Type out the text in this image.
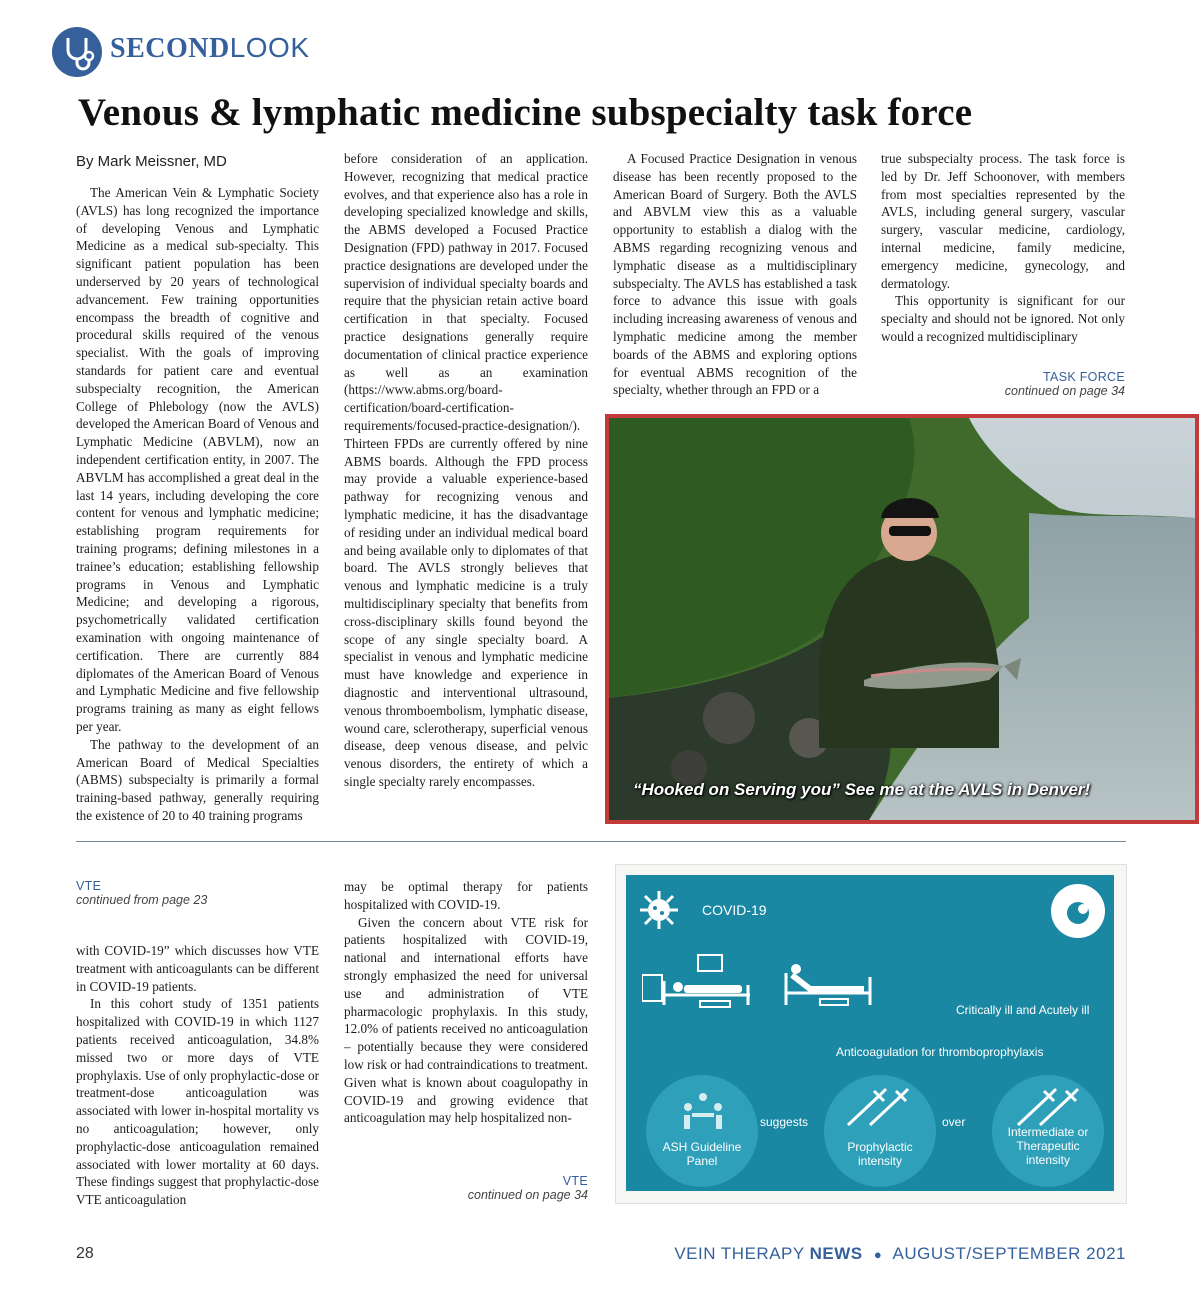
SECONDLOOK
Venous & lymphatic medicine subspecialty task force
By Mark Meissner, MD

The American Vein & Lymphatic Society (AVLS) has long recognized the importance of developing Venous and Lymphatic Medicine as a medical sub-specialty. This significant patient population has been underserved by 20 years of technological advancement. Few training opportunities encompass the breadth of cognitive and procedural skills required of the venous specialist. With the goals of improving standards for patient care and eventual subspecialty recognition, the American College of Phlebology (now the AVLS) developed the American Board of Venous and Lymphatic Medicine (ABVLM), now an independent certification entity, in 2007. The ABVLM has accomplished a great deal in the last 14 years, including developing the core content for venous and lymphatic medicine; establishing program requirements for training programs; defining milestones in a trainee’s education; establishing fellowship programs in Venous and Lymphatic Medicine; and developing a rigorous, psychometrically validated certification examination with ongoing maintenance of certification. There are currently 884 diplomates of the American Board of Venous and Lymphatic Medicine and five fellowship programs training as many as eight fellows per year.

The pathway to the development of an American Board of Medical Specialties (ABMS) subspecialty is primarily a formal training-based pathway, generally requiring the existence of 20 to 40 training programs

before consideration of an application. However, recognizing that medical practice evolves, and that experience also has a role in developing specialized knowledge and skills, the ABMS developed a Focused Practice Designation (FPD) pathway in 2017. Focused practice designations are developed under the supervision of individual specialty boards and require that the physician retain active board certification in that specialty. Focused practice designations generally require documentation of clinical practice experience as well as an examination (https://www.abms.org/board-certification/board-certification-requirements/focused-practice-designation/). Thirteen FPDs are currently offered by nine ABMS boards. Although the FPD process may provide a valuable experience-based pathway for recognizing venous and lymphatic medicine, it has the disadvantage of residing under an individual medical board and being available only to diplomates of that board. The AVLS strongly believes that venous and lymphatic medicine is a truly multidisciplinary specialty that benefits from cross-disciplinary skills found beyond the scope of any single specialty board. A specialist in venous and lymphatic medicine must have knowledge and experience in diagnostic and interventional ultrasound, venous thromboembolism, lymphatic disease, wound care, sclerotherapy, superficial venous disease, deep venous disease, and pelvic venous disorders, the entirety of which a single specialty rarely encompasses.

A Focused Practice Designation in venous disease has been recently proposed to the American Board of Surgery. Both the AVLS and ABVLM view this as a valuable opportunity to establish a dialog with the ABMS regarding recognizing venous and lymphatic disease as a multidisciplinary subspecialty. The AVLS has established a task force to advance this issue with goals including increasing awareness of venous and lymphatic medicine among the member boards of the ABMS and exploring options for eventual ABMS recognition of the specialty, whether through an FPD or a

true subspecialty process. The task force is led by Dr. Jeff Schoonover, with members from most specialties represented by the AVLS, including general surgery, vascular surgery, vascular medicine, cardiology, internal medicine, family medicine, emergency medicine, gynecology, and dermatology.

This opportunity is significant for our specialty and should not be ignored. Not only would a recognized multidisciplinary

TASK FORCE
continued on page 34
“Hooked on Serving you” See me at the AVLS in Denver!
VTE
continued from page 23

with COVID-19” which discusses how VTE treatment with anticoagulants can be different in COVID-19 patients.

In this cohort study of 1351 patients hospitalized with COVID-19 in which 1127 patients received anticoagulation, 34.8% missed two or more days of VTE prophylaxis. Use of only prophylactic-dose or treatment-dose anticoagulation was associated with lower in-hospital mortality vs no anticoagulation; however, only prophylactic-dose anticoagulation remained associated with lower mortality at 60 days. These findings suggest that prophylactic-dose VTE anticoagulation

may be optimal therapy for patients hospitalized with COVID-19.

Given the concern about VTE risk for patients hospitalized with COVID-19, national and international efforts have strongly emphasized the need for universal use and administration of VTE pharmacologic prophylaxis. In this study, 12.0% of patients received no anticoagulation – potentially because they were considered low risk or had contraindications to treatment. Given what is known about coagulopathy in COVID-19 and growing evidence that anticoagulation may help hospitalized non-

VTE
continued on page 34
COVID-19
Critically ill and Acutely ill
Anticoagulation for thromboprophylaxis
ASH Guideline Panel
suggests
Prophylactic intensity
over
Intermediate or Therapeutic intensity
28	VEIN THERAPY NEWS ● AUGUST/SEPTEMBER 2021
